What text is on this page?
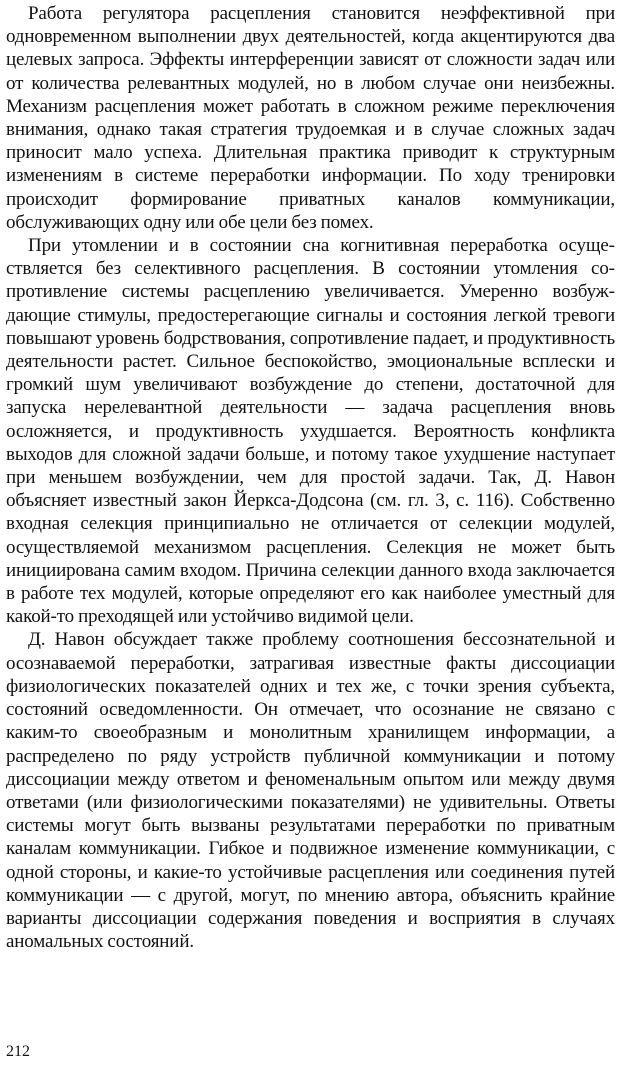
Работа регулятора расцепления становится неэффективной при одновременном выполнении двух деятельностей, когда акцентируются два целевых запроса. Эффекты интерференции зависят от сложности задач или от количества релевантных модулей, но в любом случае они неизбежны. Механизм расцепления может работать в сложном режиме переключения внимания, однако такая стратегия трудоемкая и в случае сложных задач приносит мало успеха. Длительная практика приводит к структурным изменениям в системе переработки информации. По ходу тренировки происходит формирование приватных каналов коммуникации, обслуживающих одну или обе цели без помех.

При утомлении и в состоянии сна когнитивная переработка осуществляется без селективного расцепления. В состоянии утомления сопротивление системы расцеплению увеличивается. Умеренно возбуждающие стимулы, предостерегающие сигналы и состояния легкой тревоги повышают уровень бодрствования, сопротивление падает, и продуктивность деятельности растет. Сильное беспокойство, эмоциональные всплески и громкий шум увеличивают возбуждение до степени, достаточной для запуска нерелевантной деятельности — задача расцепления вновь осложняется, и продуктивность ухудшается. Вероятность конфликта выходов для сложной задачи больше, и потому такое ухудшение наступает при меньшем возбуждении, чем для простой задачи. Так, Д. Навон объясняет известный закон Йеркса-Додсона (см. гл. 3, с. 116). Собственно входная селекция принципиально не отличается от селекции модулей, осуществляемой механизмом расцепления. Селекция не может быть инициирована самим входом. Причина селекции данного входа заключается в работе тех модулей, которые определяют его как наиболее уместный для какой-то преходящей или устойчиво видимой цели.

Д. Навон обсуждает также проблему соотношения бессознательной и осознаваемой переработки, затрагивая известные факты диссоциации физиологических показателей одних и тех же, с точки зрения субъекта, состояний осведомленности. Он отмечает, что осознание не связано с каким-то своеобразным и монолитным хранилищем информации, а распределено по ряду устройств публичной коммуникации и потому диссоциации между ответом и феноменальным опытом или между двумя ответами (или физиологическими показателями) не удивительны. Ответы системы могут быть вызваны результатами переработки по приватным каналам коммуникации. Гибкое и подвижное изменение коммуникации, с одной стороны, и какие-то устойчивые расцепления или соединения путей коммуникации — с другой, могут, по мнению автора, объяснить крайние варианты диссоциации содержания поведения и восприятия в случаях аномальных состояний.

212
